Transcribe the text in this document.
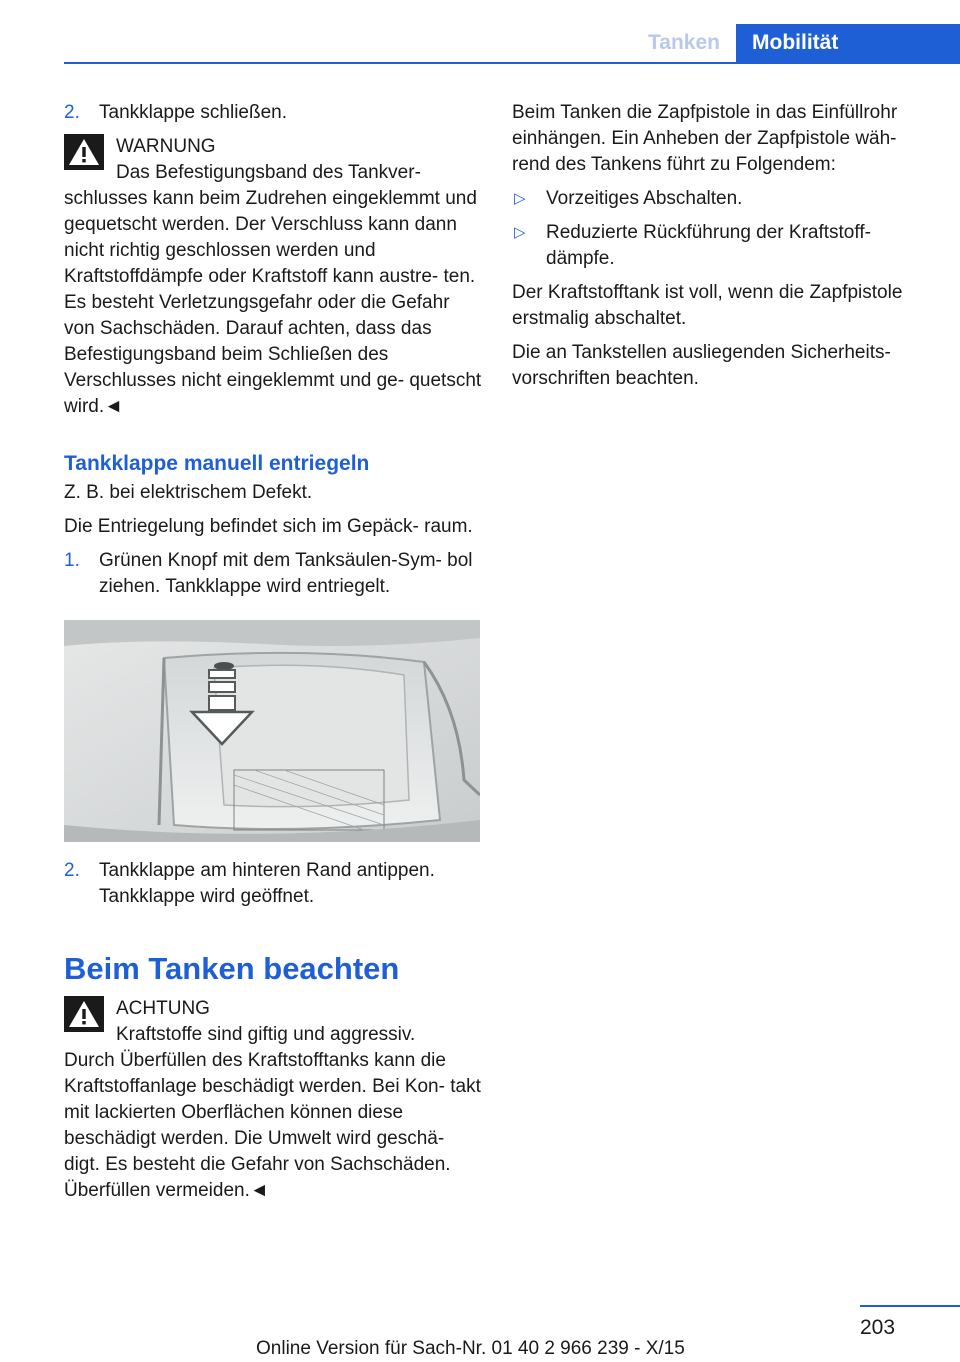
Tanken	Mobilität
2. Tankklappe schließen.
WARNUNG
Das Befestigungsband des Tankver‐
schlusses kann beim Zudrehen eingeklemmt und gequetscht werden. Der Verschluss kann dann nicht richtig geschlossen werden und Kraftstoffdämpfe oder Kraftstoff kann austre‐ ten. Es besteht Verletzungsgefahr oder die Gefahr von Sachschäden. Darauf achten, dass das Befestigungsband beim Schließen des Verschlusses nicht eingeklemmt und ge‐ quetscht wird.◄
Tankklappe manuell entriegeln

Z. B. bei elektrischem Defekt.

Die Entriegelung befindet sich im Gepäck‐ raum.

1. Grünen Knopf mit dem Tanksäulen-Sym‐ bol ziehen. Tankklappe wird entriegelt.
2. Tankklappe am hinteren Rand antippen. Tankklappe wird geöffnet.
Beim Tanken beachten
ACHTUNG
Kraftstoffe sind giftig und aggressiv.
Durch Überfüllen des Kraftstofftanks kann die Kraftstoffanlage beschädigt werden. Bei Kon‐ takt mit lackierten Oberflächen können diese beschädigt werden. Die Umwelt wird geschä‐ digt. Es besteht die Gefahr von Sachschäden. Überfüllen vermeiden.◄

Beim Tanken die Zapfpistole in das Einfüllrohr einhängen. Ein Anheben der Zapfpistole wäh‐ rend des Tankens führt zu Folgendem:

▷ Vorzeitiges Abschalten.
▷ Reduzierte Rückführung der Kraftstoff‐ dämpfe.

Der Kraftstofftank ist voll, wenn die Zapfpistole erstmalig abschaltet.

Die an Tankstellen ausliegenden Sicherheits‐ vorschriften beachten.

203
Online Version für Sach-Nr. 01 40 2 966 239 - X/15
